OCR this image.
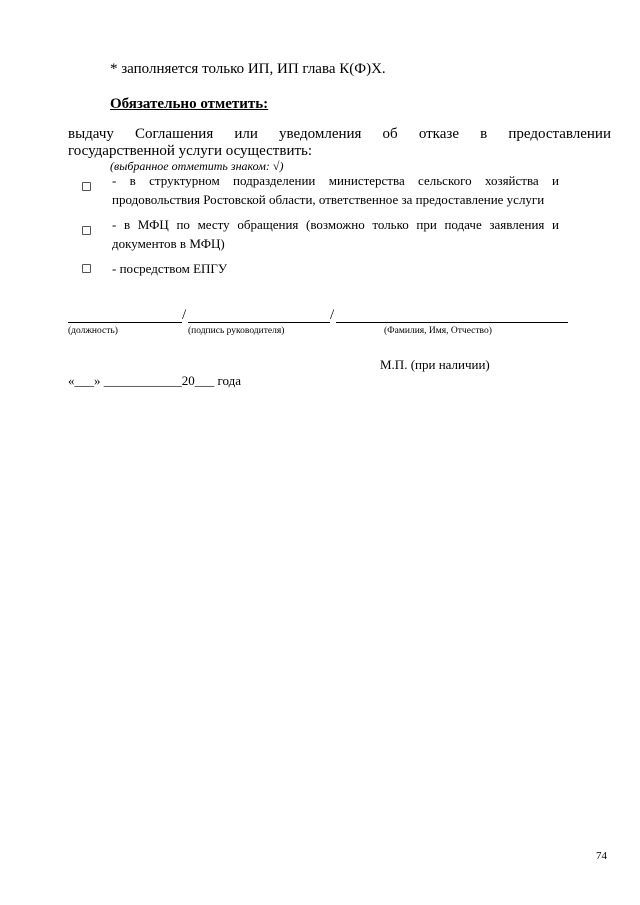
* заполняется только ИП, ИП глава К(Ф)Х.
Обязательно отметить:
выдачу Соглашения или уведомления об отказе в предоставлении
государственной услуги осуществить:
(выбранное отметить знаком: √)
- в структурном подразделении министерства сельского хозяйства и
продовольствия Ростовской области, ответственное за предоставление услуги
- в МФЦ по месту обращения (возможно только при подаче заявления и
документов в МФЦ)
- посредством ЕПГУ
/	/
(должность)	(подпись руководителя)	(Фамилия, Имя, Отчество)
М.П. (при наличии)
«___» ____________20___ года
74
